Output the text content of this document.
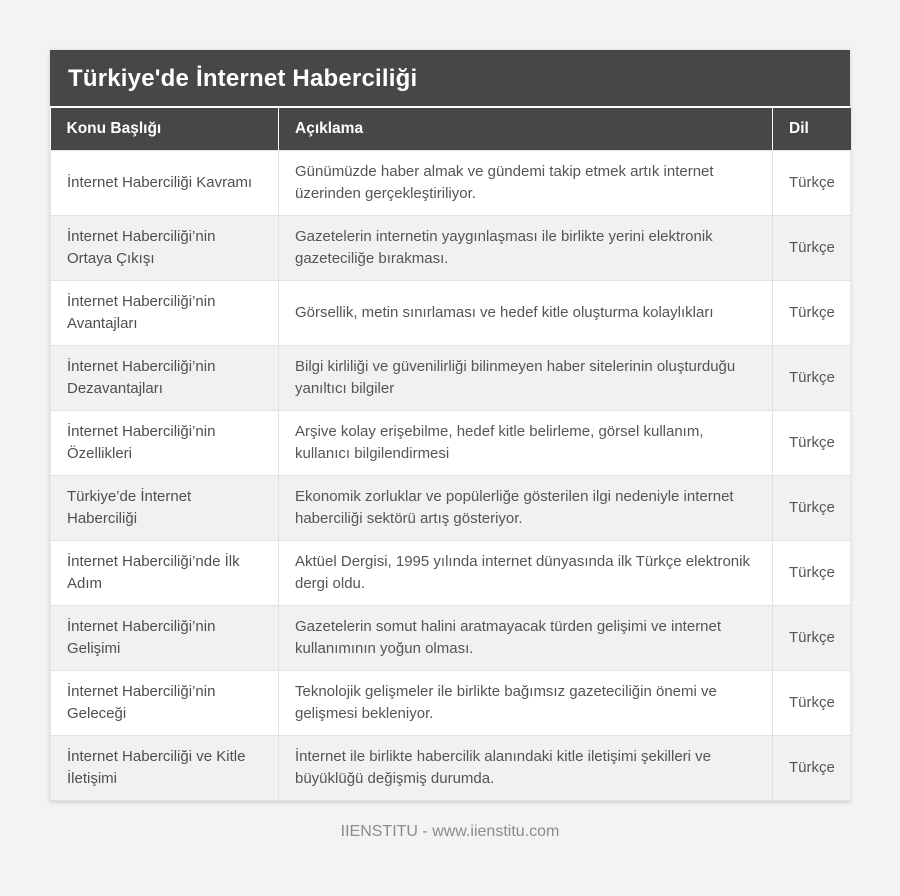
Türkiye'de İnternet Haberciliği
Konu Başlığı	Açıklama	Dil
İnternet Haberciliği Kavramı	Günümüzde haber almak ve gündemi takip etmek artık internet üzerinden gerçekleştiriliyor.	Türkçe
İnternet Haberciliği’nin Ortaya Çıkışı	Gazetelerin internetin yaygınlaşması ile birlikte yerini elektronik gazeteciliğe bırakması.	Türkçe
İnternet Haberciliği’nin Avantajları	Görsellik, metin sınırlaması ve hedef kitle oluşturma kolaylıkları	Türkçe
İnternet Haberciliği’nin Dezavantajları	Bilgi kirliliği ve güvenilirliği bilinmeyen haber sitelerinin oluşturduğu yanıltıcı bilgiler	Türkçe
İnternet Haberciliği’nin Özellikleri	Arşive kolay erişebilme, hedef kitle belirleme, görsel kullanım, kullanıcı bilgilendirmesi	Türkçe
Türkiye’de İnternet Haberciliği	Ekonomik zorluklar ve popülerliğe gösterilen ilgi nedeniyle internet haberciliği sektörü artış gösteriyor.	Türkçe
İnternet Haberciliği’nde İlk Adım	Aktüel Dergisi, 1995 yılında internet dünyasında ilk Türkçe elektronik dergi oldu.	Türkçe
İnternet Haberciliği’nin Gelişimi	Gazetelerin somut halini aratmayacak türden gelişimi ve internet kullanımının yoğun olması.	Türkçe
İnternet Haberciliği’nin Geleceği	Teknolojik gelişmeler ile birlikte bağımsız gazeteciliğin önemi ve gelişmesi bekleniyor.	Türkçe
İnternet Haberciliği ve Kitle İletişimi	İnternet ile birlikte habercilik alanındaki kitle iletişimi şekilleri ve büyüklüğü değişmiş durumda.	Türkçe
IIENSTITU - www.iienstitu.com
